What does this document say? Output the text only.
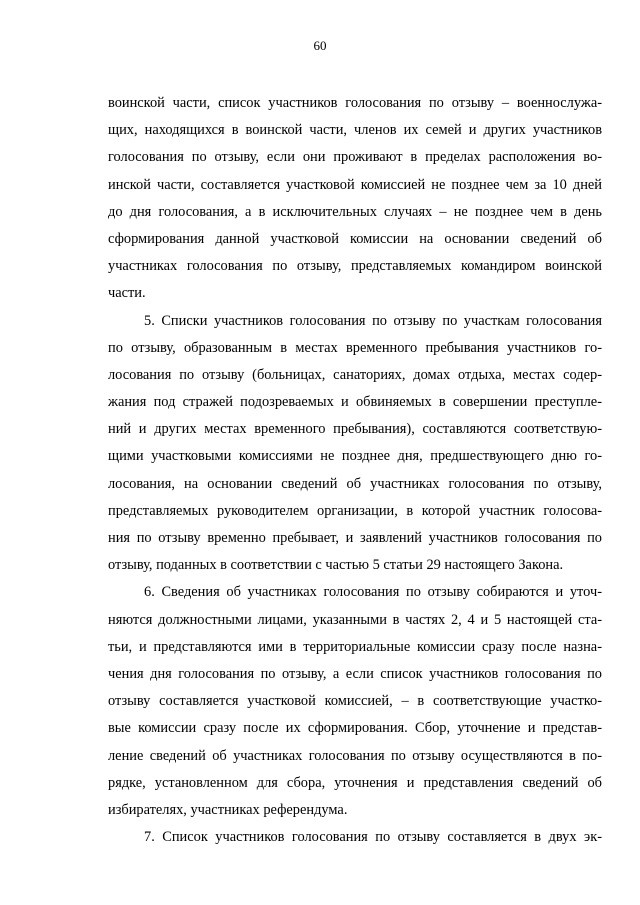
60
воинской части, список участников голосования по отзыву – военнослужа-
щих, находящихся в воинской части, членов их семей и других участников
голосования по отзыву, если они проживают в пределах расположения во-
инской части, составляется участковой комиссией не позднее чем за 10 дней
до дня голосования, а в исключительных случаях – не позднее чем в день
сформирования данной участковой комиссии на основании сведений об
участниках голосования по отзыву, представляемых командиром воинской
части.
5. Списки участников голосования по отзыву по участкам голосования
по отзыву, образованным в местах временного пребывания участников го-
лосования по отзыву (больницах, санаториях, домах отдыха, местах содер-
жания под стражей подозреваемых и обвиняемых в совершении преступле-
ний и других местах временного пребывания), составляются соответствую-
щими участковыми комиссиями не позднее дня, предшествующего дню го-
лосования, на основании сведений об участниках голосования по отзыву,
представляемых руководителем организации, в которой участник голосова-
ния по отзыву временно пребывает, и заявлений участников голосования по
отзыву, поданных в соответствии с частью 5 статьи 29 настоящего Закона.
6. Сведения об участниках голосования по отзыву собираются и уточ-
няются должностными лицами, указанными в частях 2, 4 и 5 настоящей ста-
тьи, и представляются ими в территориальные комиссии сразу после назна-
чения дня голосования по отзыву, а если список участников голосования по
отзыву составляется участковой комиссией, – в соответствующие участко-
вые комиссии сразу после их сформирования. Сбор, уточнение и представ-
ление сведений об участниках голосования по отзыву осуществляются в по-
рядке, установленном для сбора, уточнения и представления сведений об
избирателях, участниках референдума.
7. Список участников голосования по отзыву составляется в двух эк-
